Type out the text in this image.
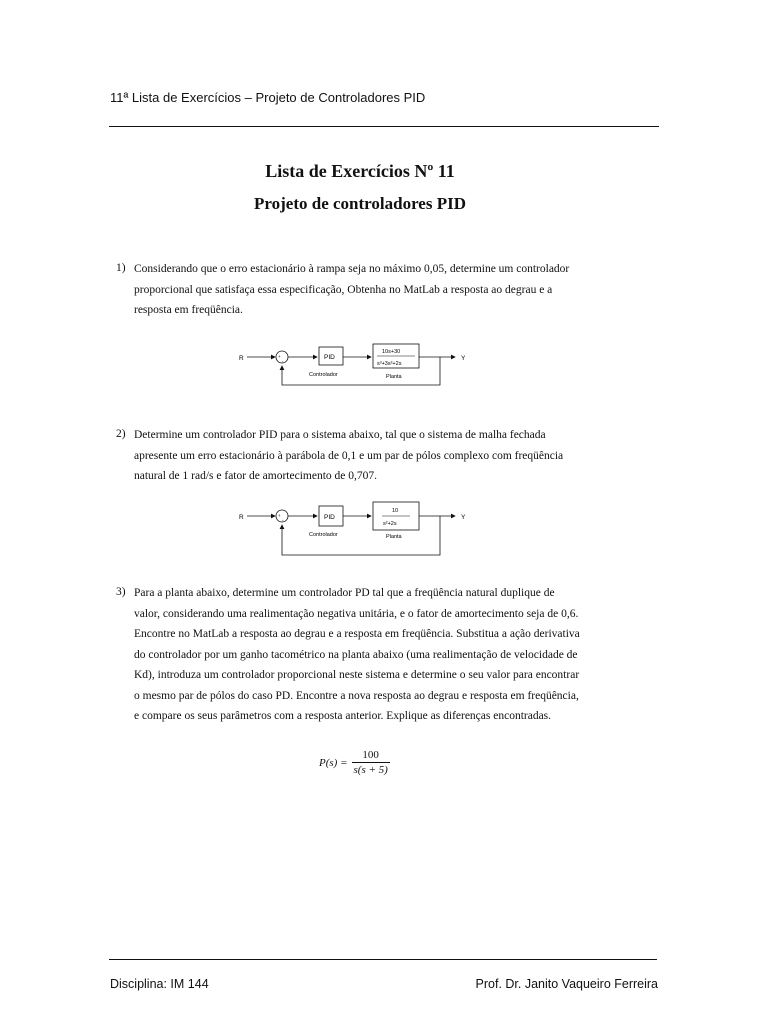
11ª Lista de Exercícios – Projeto de Controladores PID
Lista de Exercícios Nº 11
Projeto de controladores PID
1) Considerando que o erro estacionário à rampa seja no máximo 0,05, determine um controlador

proporcional que satisfaça essa especificação, Obtenha no MatLab a resposta ao degrau e a

resposta em freqüência.

R	+
-
PID
Controlador
10s+30
s³+3s²+2s
Planta
Y
2) Determine um controlador PID para o sistema abaixo, tal que o sistema de malha fechada

apresente um erro estacionário à parábola de 0,1 e um par de pólos complexo com freqüência

natural de 1 rad/s e fator de amortecimento de 0,707.

R	+
-	PID
Controlador
10
s²+2s
Planta
Y
3) Para a planta abaixo, determine um controlador PD tal que a freqüência natural duplique de

valor, considerando uma realimentação negativa unitária, e o fator de amortecimento seja de 0,6.

Encontre no MatLab a resposta ao degrau e a resposta em freqüência. Substitua a ação derivativa

do controlador por um ganho tacométrico na planta abaixo (uma realimentação de velocidade de

Kd), introduza um controlador proporcional neste sistema e determine o seu valor para encontrar

o mesmo par de pólos do caso PD. Encontre a nova resposta ao degrau e resposta em freqüência,

e compare os seus parâmetros com a resposta anterior. Explique as diferenças encontradas.

P(s) =	100
s(s + 5)
Disciplina: IM 144	Prof. Dr. Janito Vaqueiro Ferreira
